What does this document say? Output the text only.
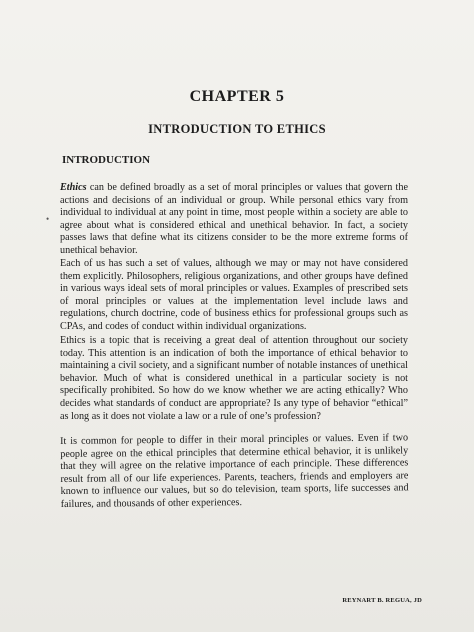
CHAPTER 5
INTRODUCTION TO ETHICS
INTRODUCTION
•

Ethics can be defined broadly as a set of moral principles or values that govern the actions and decisions of an individual or group. While personal ethics vary from individual to individual at any point in time, most people within a society are able to agree about what is considered ethical and unethical behavior. In fact, a society passes laws that define what its citizens consider to be the more extreme forms of unethical behavior.

Each of us has such a set of values, although we may or may not have considered them explicitly. Philosophers, religious organizations, and other groups have defined in various ways ideal sets of moral principles or values. Examples of prescribed sets of moral principles or values at the implementation level include laws and regulations, church doctrine, code of business ethics for professional groups such as CPAs, and codes of conduct within individual organizations.

Ethics is a topic that is receiving a great deal of attention throughout our society today. This attention is an indication of both the importance of ethical behavior to maintaining a civil society, and a significant number of notable instances of unethical behavior. Much of what is considered unethical in a particular society is not specifically prohibited. So how do we know whether we are acting ethically? Who decides what standards of conduct are appropriate? Is any type of behavior “ethical” as long as it does not violate a law or a rule of one’s profession?

It is common for people to differ in their moral principles or values. Even if two people agree on the ethical principles that determine ethical behavior, it is unlikely that they will agree on the relative importance of each principle. These differences result from all of our life experiences. Parents, teachers, friends and employers are known to influence our values, but so do television, team sports, life successes and failures, and thousands of other experiences.

REYNART B. REGUA, JD
